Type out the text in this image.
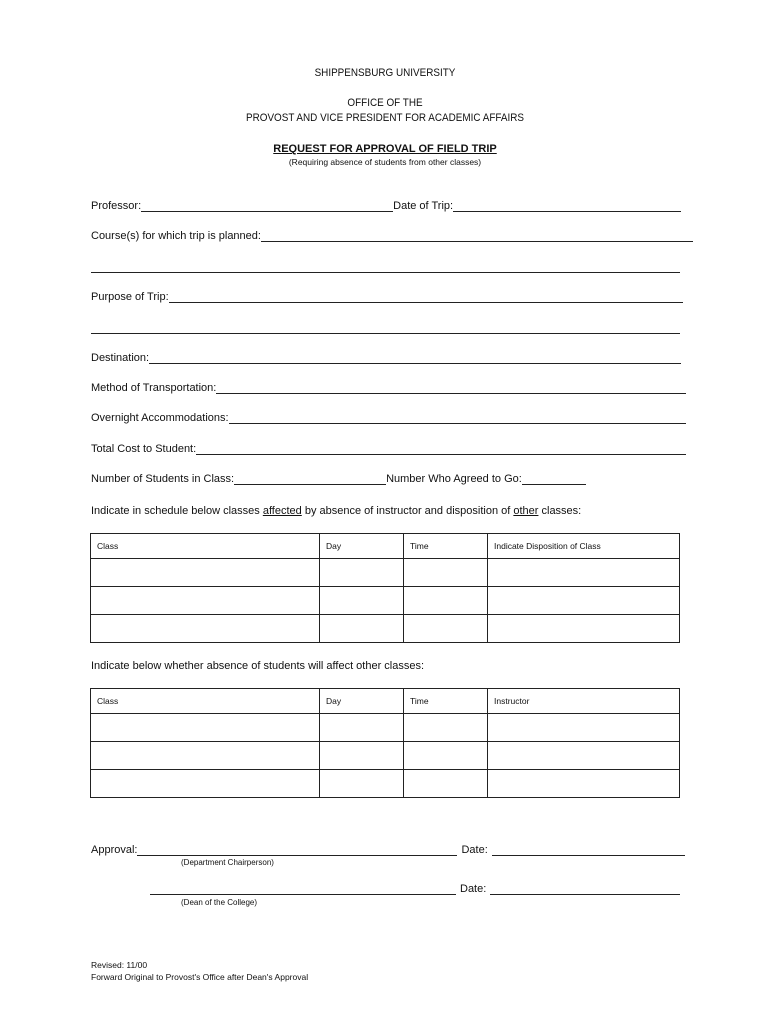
SHIPPENSBURG UNIVERSITY
OFFICE OF THE
PROVOST AND VICE PRESIDENT FOR ACADEMIC AFFAIRS
REQUEST FOR APPROVAL OF FIELD TRIP
(Requiring absence of students from other classes)
Professor:	Date of Trip:
Course(s) for which trip is planned:
Purpose of Trip:
Destination:
Method of Transportation:
Overnight Accommodations:
Total Cost to Student:
Number of Students in Class:	Number Who Agreed to Go:
Indicate in schedule below classes affected by absence of instructor and disposition of other classes:
Class	Day	Time	Indicate Disposition of Class

Indicate below whether absence of students will affect other classes:
Class	Day	Time	Instructor

Approval:	Date:
(Department Chairperson)
Date:
(Dean of the College)
Revised: 11/00
Forward Original to Provost's Office after Dean's Approval
